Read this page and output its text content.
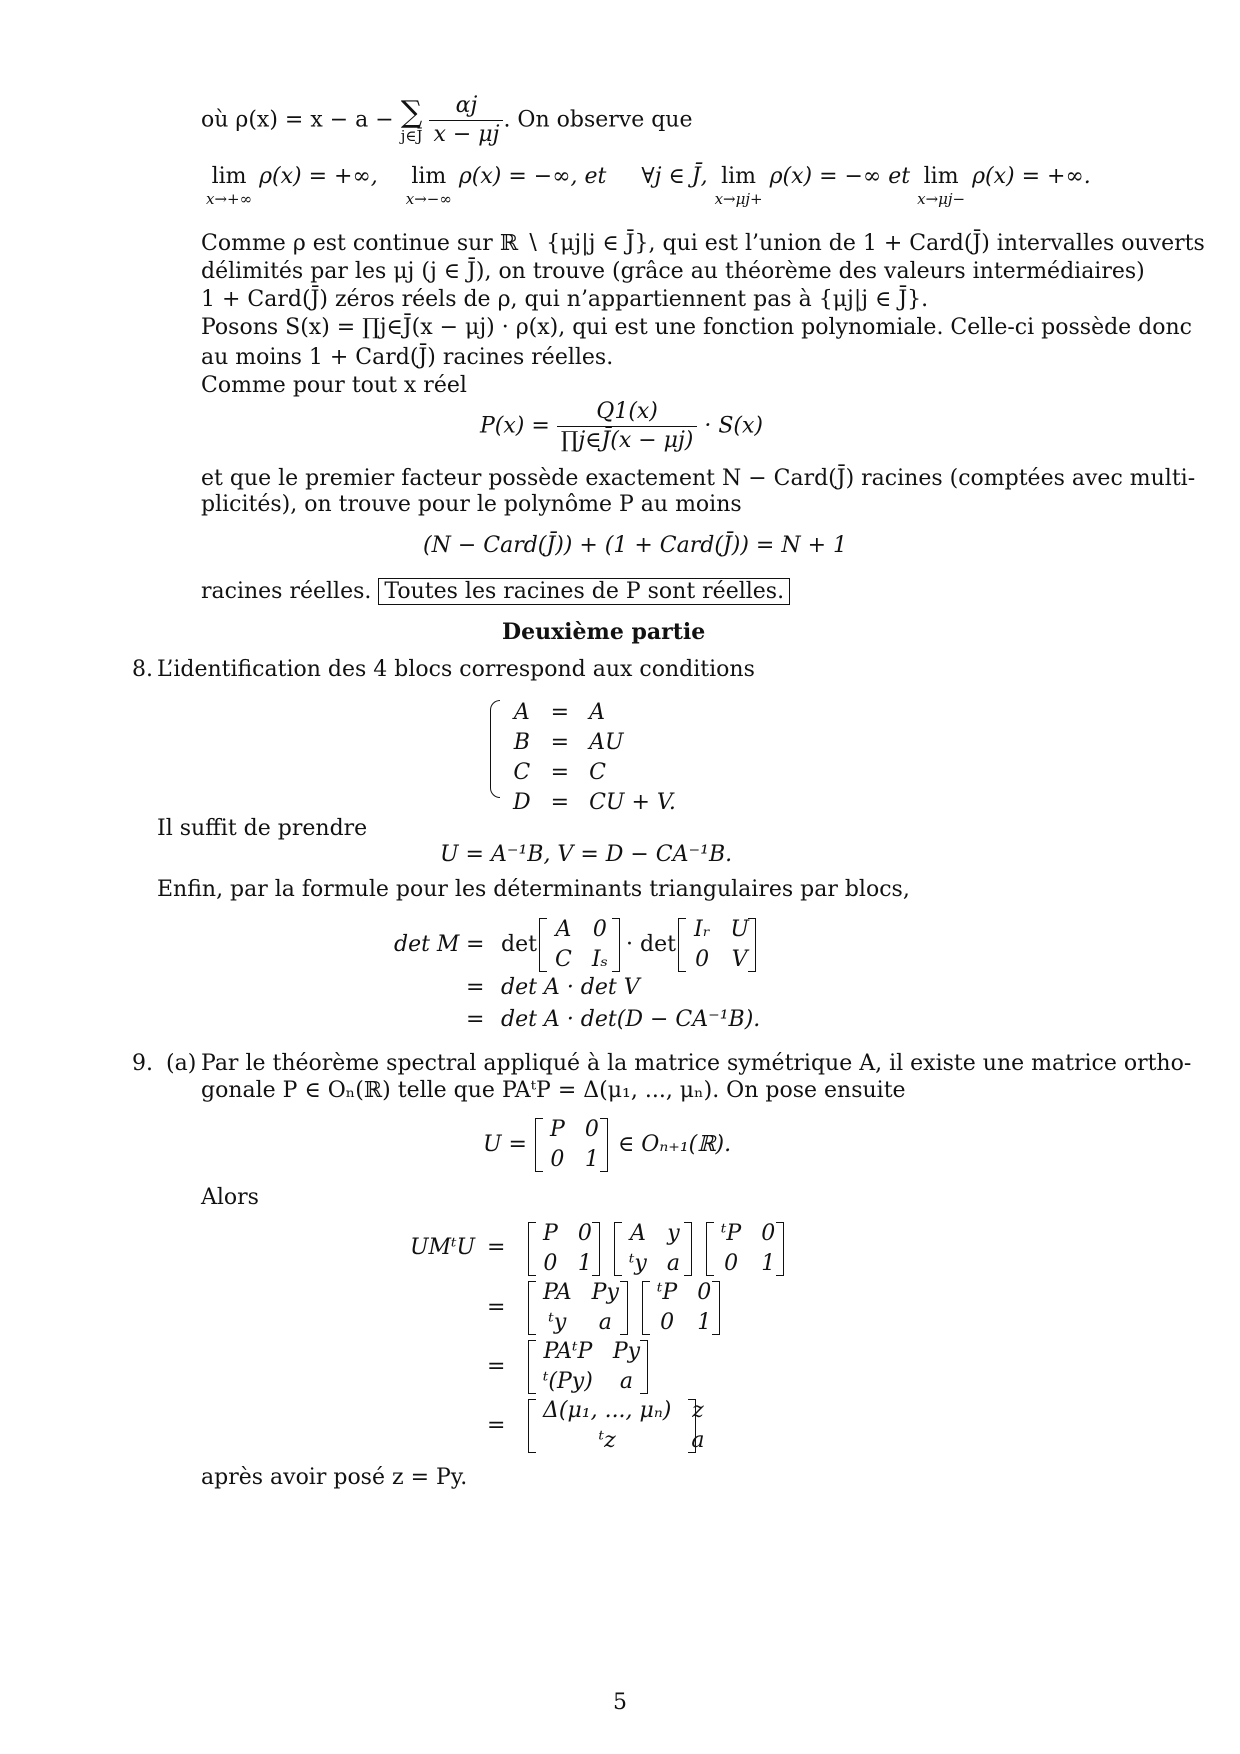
où ρ(x) = x − a − ∑
j∈J̄
$\frac{\alpha j}{x - \mu j}$ . On observe que
lim
x→+∞
ρ(x) = +∞, lim
x→−∞
ρ(x) = −∞, et ∀j ∈ J̄, lim
x→μj+
ρ(x) = −∞ et lim
x→μj−
ρ(x) = +∞.
Comme ρ est continue sur ℝ ∖ {μj|j ∈ J̄}, qui est l’union de 1 + Card(J̄) intervalles ouverts
délimités par les μj (j ∈ J̄), on trouve (grâce au théorème des valeurs intermédiaires)
1 + Card(J̄) zéros réels de ρ, qui n’appartiennent pas à {μj|j ∈ J̄}.
Posons S(x) = ∏j∈J̄(x − μj) · ρ(x), qui est une fonction polynomiale. Celle-ci possède donc
au moins 1 + Card(J̄) racines réelles.
Comme pour tout x réel
$P(x) = \frac{Q1(x)}{\prod j\in J̄(x - \mu j)} \cdot S(x)$
et que le premier facteur possède exactement N − Card(J̄) racines (comptées avec multi-
plicités), on trouve pour le polynôme P au moins
(N − Card(J̄)) + (1 + Card(J̄)) = N + 1
racines réelles. Toutes les racines de P sont réelles.
Deuxième partie
8. L’identification des 4 blocs correspond aux conditions
A	=	A
B	=	AU
C	=	C
D	=	CU + V.
Il suffit de prendre
U = A⁻¹B, V = D − CA⁻¹B.
Enfin, par la formule pour les déterminants triangulaires par blocs,
det M = det
A	0
C	Iₛ
· det
Iᵣ	U
0	V
= det A · det V
= det A · det(D − CA⁻¹B).
9. (a) Par le théorème spectral appliqué à la matrice symétrique A, il existe une matrice ortho-
gonale P ∈ Oₙ(ℝ) telle que PAᵗP = Δ(μ₁, ..., μₙ). On pose ensuite
U =
P	0
0	1
∈ Oₙ₊₁(ℝ).
Alors
UMᵗU =
P	0
0	1
A	y
ᵗy	a
ᵗP	0
0	1
=
PA	Py
ᵗy	a
ᵗP	0
0	1
=
PAᵗP	Py
ᵗ(Py)	a
=
Δ(μ₁, ..., μₙ)	z
ᵗz	a
après avoir posé z = Py.
5
